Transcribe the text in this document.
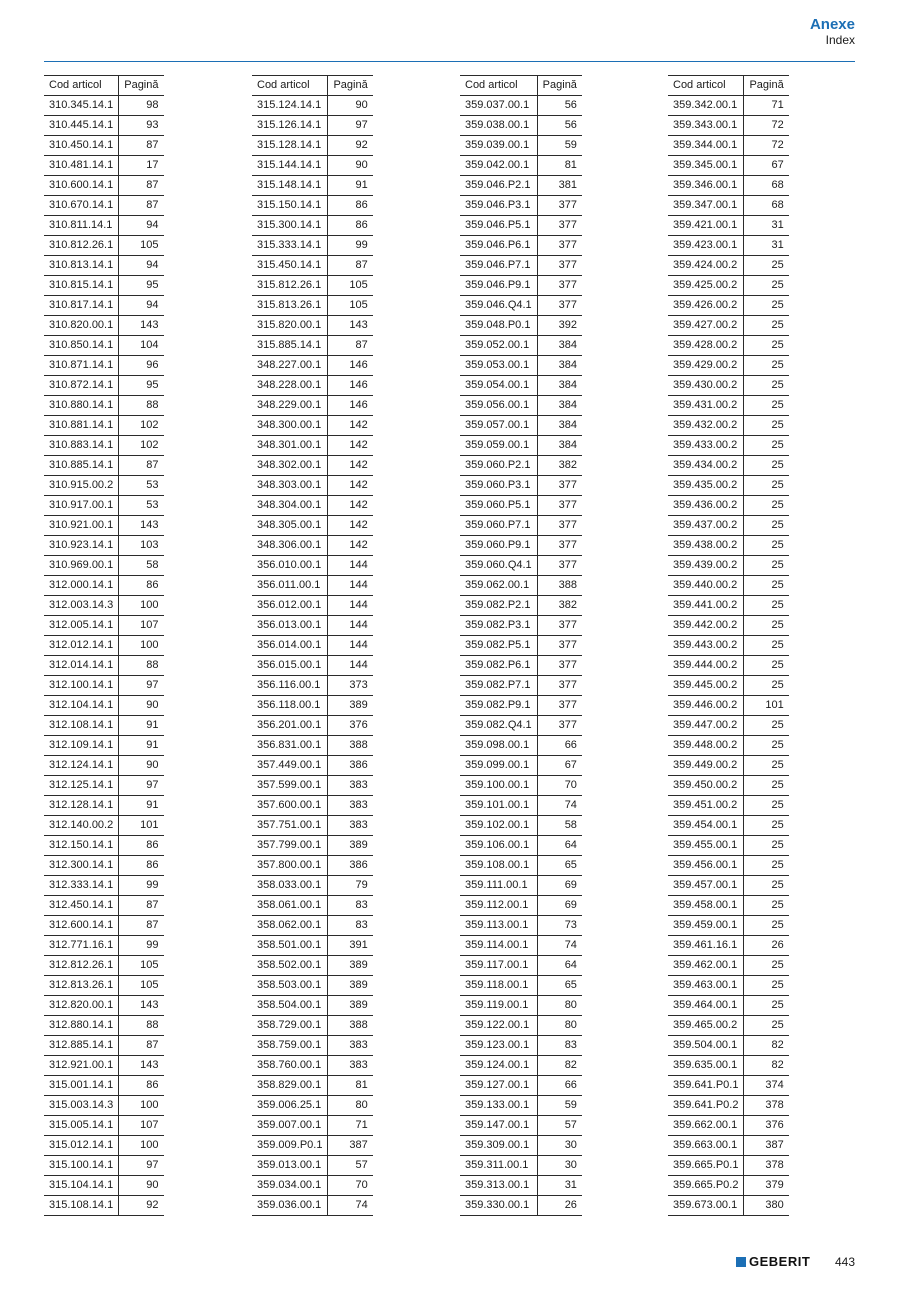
Anexe
Index
Cod articol	Pagină
310.345.14.1	98
310.445.14.1	93
310.450.14.1	87
310.481.14.1	17
310.600.14.1	87
310.670.14.1	87
310.811.14.1	94
310.812.26.1	105
310.813.14.1	94
310.815.14.1	95
310.817.14.1	94
310.820.00.1	143
310.850.14.1	104
310.871.14.1	96
310.872.14.1	95
310.880.14.1	88
310.881.14.1	102
310.883.14.1	102
310.885.14.1	87
310.915.00.2	53
310.917.00.1	53
310.921.00.1	143
310.923.14.1	103
310.969.00.1	58
312.000.14.1	86
312.003.14.3	100
312.005.14.1	107
312.012.14.1	100
312.014.14.1	88
312.100.14.1	97
312.104.14.1	90
312.108.14.1	91
312.109.14.1	91
312.124.14.1	90
312.125.14.1	97
312.128.14.1	91
312.140.00.2	101
312.150.14.1	86
312.300.14.1	86
312.333.14.1	99
312.450.14.1	87
312.600.14.1	87
312.771.16.1	99
312.812.26.1	105
312.813.26.1	105
312.820.00.1	143
312.880.14.1	88
312.885.14.1	87
312.921.00.1	143
315.001.14.1	86
315.003.14.3	100
315.005.14.1	107
315.012.14.1	100
315.100.14.1	97
315.104.14.1	90
315.108.14.1	92
Cod articol	Pagină
315.124.14.1	90
315.126.14.1	97
315.128.14.1	92
315.144.14.1	90
315.148.14.1	91
315.150.14.1	86
315.300.14.1	86
315.333.14.1	99
315.450.14.1	87
315.812.26.1	105
315.813.26.1	105
315.820.00.1	143
315.885.14.1	87
348.227.00.1	146
348.228.00.1	146
348.229.00.1	146
348.300.00.1	142
348.301.00.1	142
348.302.00.1	142
348.303.00.1	142
348.304.00.1	142
348.305.00.1	142
348.306.00.1	142
356.010.00.1	144
356.011.00.1	144
356.012.00.1	144
356.013.00.1	144
356.014.00.1	144
356.015.00.1	144
356.116.00.1	373
356.118.00.1	389
356.201.00.1	376
356.831.00.1	388
357.449.00.1	386
357.599.00.1	383
357.600.00.1	383
357.751.00.1	383
357.799.00.1	389
357.800.00.1	386
358.033.00.1	79
358.061.00.1	83
358.062.00.1	83
358.501.00.1	391
358.502.00.1	389
358.503.00.1	389
358.504.00.1	389
358.729.00.1	388
358.759.00.1	383
358.760.00.1	383
358.829.00.1	81
359.006.25.1	80
359.007.00.1	71
359.009.P0.1	387
359.013.00.1	57
359.034.00.1	70
359.036.00.1	74
Cod articol	Pagină
359.037.00.1	56
359.038.00.1	56
359.039.00.1	59
359.042.00.1	81
359.046.P2.1	381
359.046.P3.1	377
359.046.P5.1	377
359.046.P6.1	377
359.046.P7.1	377
359.046.P9.1	377
359.046.Q4.1	377
359.048.P0.1	392
359.052.00.1	384
359.053.00.1	384
359.054.00.1	384
359.056.00.1	384
359.057.00.1	384
359.059.00.1	384
359.060.P2.1	382
359.060.P3.1	377
359.060.P5.1	377
359.060.P7.1	377
359.060.P9.1	377
359.060.Q4.1	377
359.062.00.1	388
359.082.P2.1	382
359.082.P3.1	377
359.082.P5.1	377
359.082.P6.1	377
359.082.P7.1	377
359.082.P9.1	377
359.082.Q4.1	377
359.098.00.1	66
359.099.00.1	67
359.100.00.1	70
359.101.00.1	74
359.102.00.1	58
359.106.00.1	64
359.108.00.1	65
359.111.00.1	69
359.112.00.1	69
359.113.00.1	73
359.114.00.1	74
359.117.00.1	64
359.118.00.1	65
359.119.00.1	80
359.122.00.1	80
359.123.00.1	83
359.124.00.1	82
359.127.00.1	66
359.133.00.1	59
359.147.00.1	57
359.309.00.1	30
359.311.00.1	30
359.313.00.1	31
359.330.00.1	26
Cod articol	Pagină
359.342.00.1	71
359.343.00.1	72
359.344.00.1	72
359.345.00.1	67
359.346.00.1	68
359.347.00.1	68
359.421.00.1	31
359.423.00.1	31
359.424.00.2	25
359.425.00.2	25
359.426.00.2	25
359.427.00.2	25
359.428.00.2	25
359.429.00.2	25
359.430.00.2	25
359.431.00.2	25
359.432.00.2	25
359.433.00.2	25
359.434.00.2	25
359.435.00.2	25
359.436.00.2	25
359.437.00.2	25
359.438.00.2	25
359.439.00.2	25
359.440.00.2	25
359.441.00.2	25
359.442.00.2	25
359.443.00.2	25
359.444.00.2	25
359.445.00.2	25
359.446.00.2	101
359.447.00.2	25
359.448.00.2	25
359.449.00.2	25
359.450.00.2	25
359.451.00.2	25
359.454.00.1	25
359.455.00.1	25
359.456.00.1	25
359.457.00.1	25
359.458.00.1	25
359.459.00.1	25
359.461.16.1	26
359.462.00.1	25
359.463.00.1	25
359.464.00.1	25
359.465.00.2	25
359.504.00.1	82
359.635.00.1	82
359.641.P0.1	374
359.641.P0.2	378
359.662.00.1	376
359.663.00.1	387
359.665.P0.1	378
359.665.P0.2	379
359.673.00.1	380
GEBERIT 443
